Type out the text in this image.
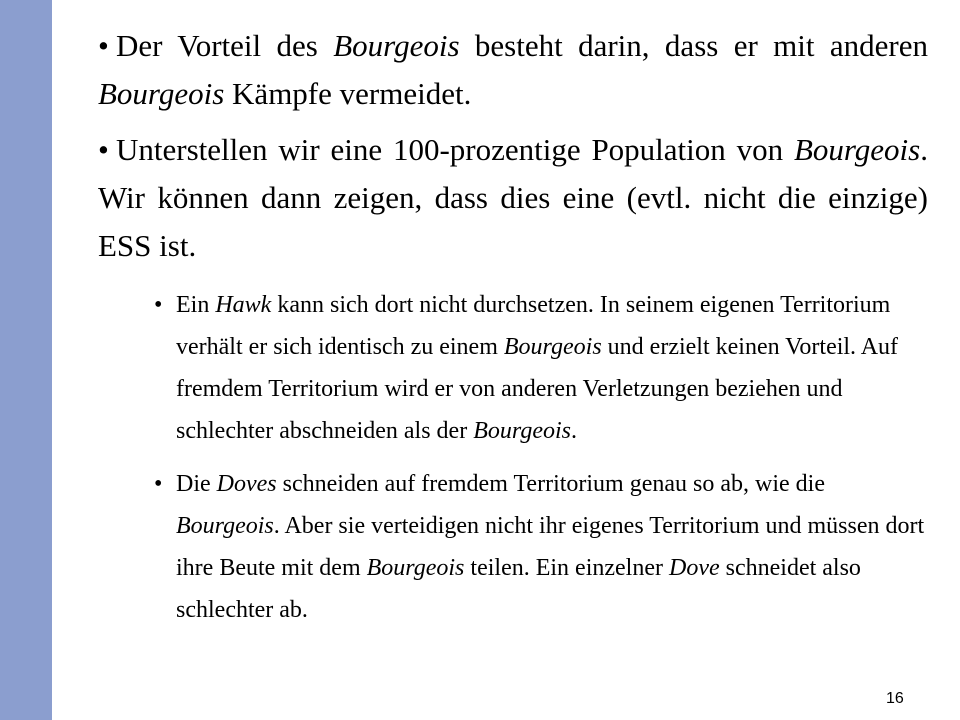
• Der Vorteil des Bourgeois besteht darin, dass er mit anderen Bourgeois Kämpfe vermeidet.

• Unterstellen wir eine 100-prozentige Population von Bourgeois. Wir können dann zeigen, dass dies eine (evtl. nicht die einzige) ESS ist.

• Ein Hawk kann sich dort nicht durchsetzen. In seinem eigenen Territorium verhält er sich identisch zu einem Bourgeois und erzielt keinen Vorteil. Auf fremdem Territorium wird er von anderen Verletzungen beziehen und schlechter abschneiden als der Bourgeois.

• Die Doves schneiden auf fremdem Territorium genau so ab, wie die Bourgeois. Aber sie verteidigen nicht ihr eigenes Territorium und müssen dort ihre Beute mit dem Bourgeois teilen. Ein einzelner Dove schneidet also schlechter ab.

16
